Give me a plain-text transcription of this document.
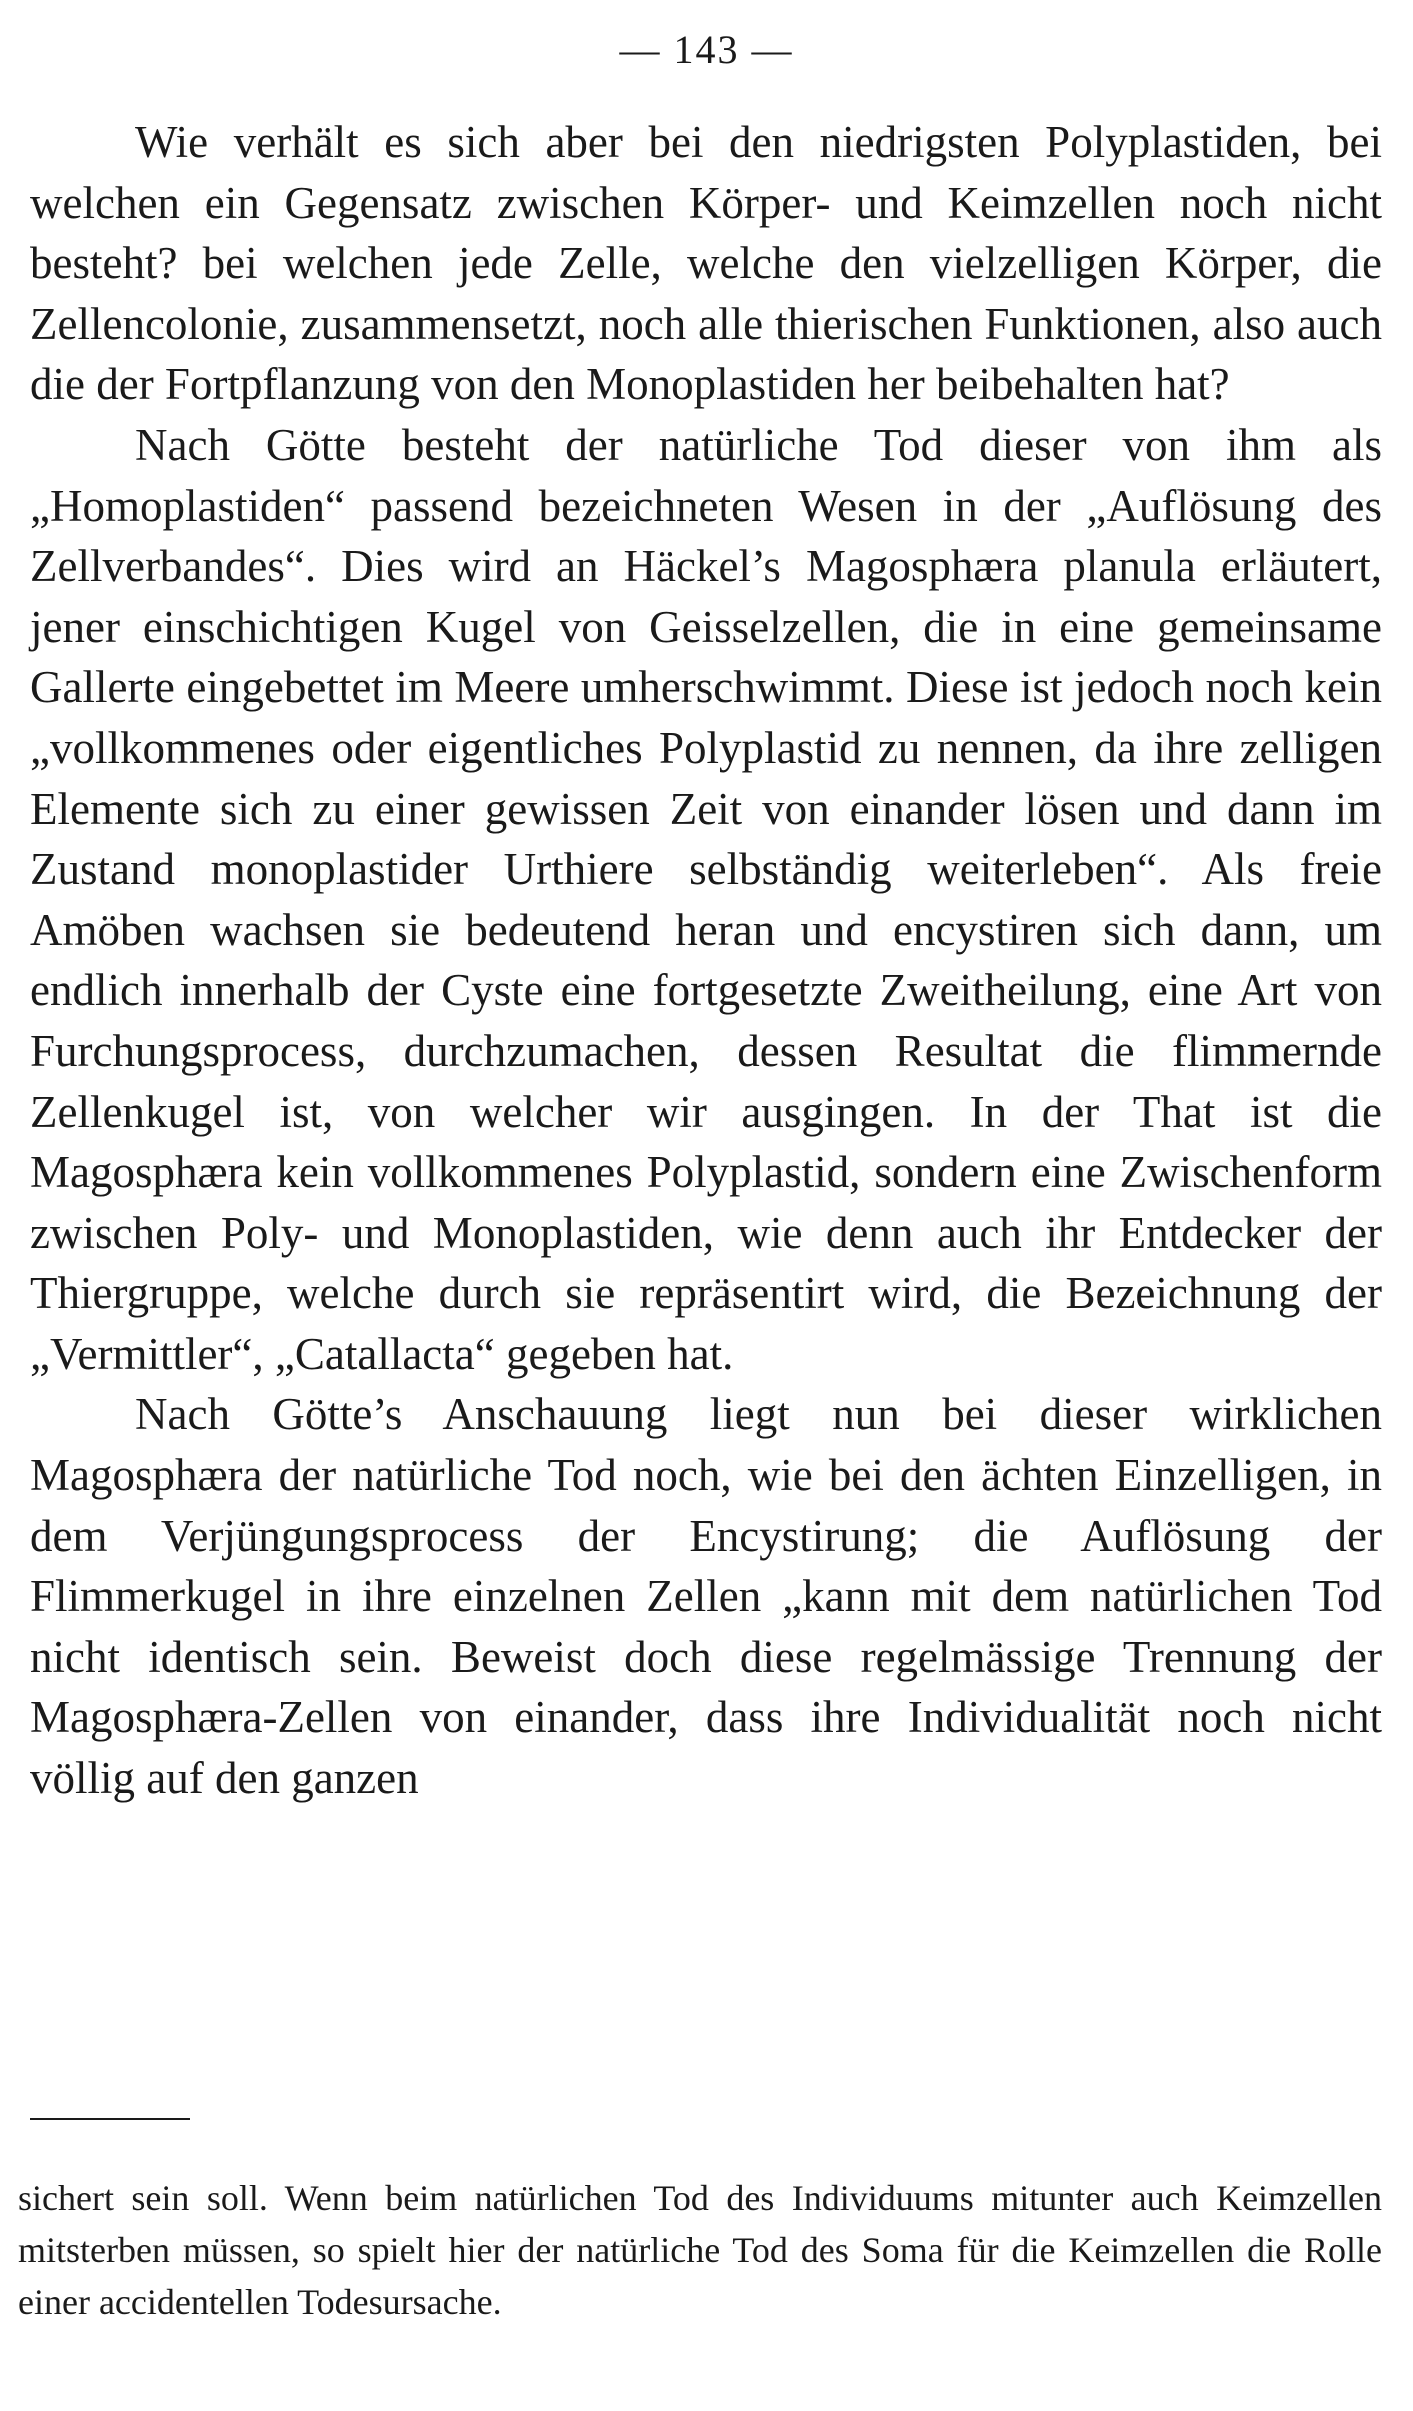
— 143 —

Wie verhält es sich aber bei den niedrigsten Polyplastiden, bei welchen ein Gegensatz zwischen Körper- und Keimzellen noch nicht besteht? bei welchen jede Zelle, welche den vielzelligen Körper, die Zellencolonie, zusammensetzt, noch alle thierischen Funktionen, also auch die der Fortpflanzung von den Monoplastiden her beibehalten hat?

Nach Götte besteht der natürliche Tod dieser von ihm als „Homoplastiden“ passend bezeichneten Wesen in der „Auflösung des Zellverbandes“. Dies wird an Häckel’s Magosphæra planula erläutert, jener einschichtigen Kugel von Geisselzellen, die in eine gemeinsame Gallerte eingebettet im Meere umherschwimmt. Diese ist jedoch noch kein „vollkommenes oder eigentliches Polyplastid zu nennen, da ihre zelligen Elemente sich zu einer gewissen Zeit von einander lösen und dann im Zustand monoplastider Urthiere selbständig weiterleben“. Als freie Amöben wachsen sie bedeutend heran und encystiren sich dann, um endlich innerhalb der Cyste eine fortgesetzte Zweitheilung, eine Art von Furchungsprocess, durchzumachen, dessen Resultat die flimmernde Zellenkugel ist, von welcher wir ausgingen. In der That ist die Magosphæra kein vollkommenes Polyplastid, sondern eine Zwischenform zwischen Poly- und Monoplastiden, wie denn auch ihr Entdecker der Thiergruppe, welche durch sie repräsentirt wird, die Bezeichnung der „Vermittler“, „Catallacta“ gegeben hat.

Nach Götte’s Anschauung liegt nun bei dieser wirklichen Magosphæra der natürliche Tod noch, wie bei den ächten Einzelligen, in dem Verjüngungsprocess der Encystirung; die Auflösung der Flimmerkugel in ihre einzelnen Zellen „kann mit dem natürlichen Tod nicht identisch sein. Beweist doch diese regelmässige Trennung der Magosphæra-Zellen von einander, dass ihre Individualität noch nicht völlig auf den ganzen

sichert sein soll. Wenn beim natürlichen Tod des Individuums mitunter auch Keimzellen mitsterben müssen, so spielt hier der natürliche Tod des Soma für die Keimzellen die Rolle einer accidentellen Todesursache.
